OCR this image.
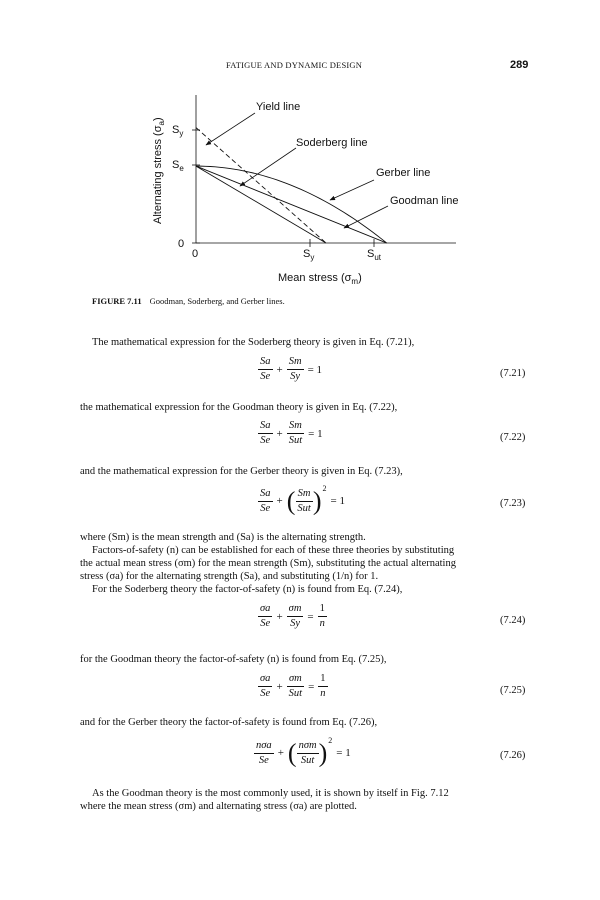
FATIGUE AND DYNAMIC DESIGN	289
$S_y$
$S_e$
0
0	$S_y$	$S_{ut}$
Mean stress $(\sigma_m)$
Alternating stress $(\sigma_a)$
Yield line
Soderberg line
Gerber line
Goodman line
FIGURE 7.11 Goodman, Soderberg, and Gerber lines.
The mathematical expression for the Soderberg theory is given in Eq. (7.21),
$\frac{Sa}{Se} + \frac{Sm}{Sy} = 1$	(7.21)
the mathematical expression for the Goodman theory is given in Eq. (7.22),
$\frac{Sa}{Se} + \frac{Sm}{\text{Sut}} = 1$	(7.22)
and the mathematical expression for the Gerber theory is given in Eq. (7.23),
$\frac{Sa}{Se}$ + ( $\frac{Sm}{\text{Sut}} )^2= 1$	(7.23)
where (Sm) is the mean strength and (Sa) is the alternating strength.
Factors-of-safety (n) can be established for each of these three theories by substituting
the actual mean stress (σm) for the mean strength (Sm), substituting the actual alternating
stress (σa) for the alternating strength (Sa), and substituting (1/n) for 1.
For the Soderberg theory the factor-of-safety (n) is found from Eq. (7.24),
$\frac{\sigma a}{Se} + \frac{\sigma m}{Sy} = \frac{1}{n}$	(7.24)
for the Goodman theory the factor-of-safety (n) is found from Eq. (7.25),
$\frac{\sigma a}{Se} + \frac{\sigma m}{\text{Sut}} = \frac{1}{n}$	(7.25)
and for the Gerber theory the factor-of-safety is found from Eq. (7.26),
$\frac{\text{nσa}}{Se}$ + ( $\frac{\text{nσm}}{\text{Sut}} )^2= 1$	(7.26)
As the Goodman theory is the most commonly used, it is shown by itself in Fig. 7.12
where the mean stress (σm) and alternating stress (σa) are plotted.
